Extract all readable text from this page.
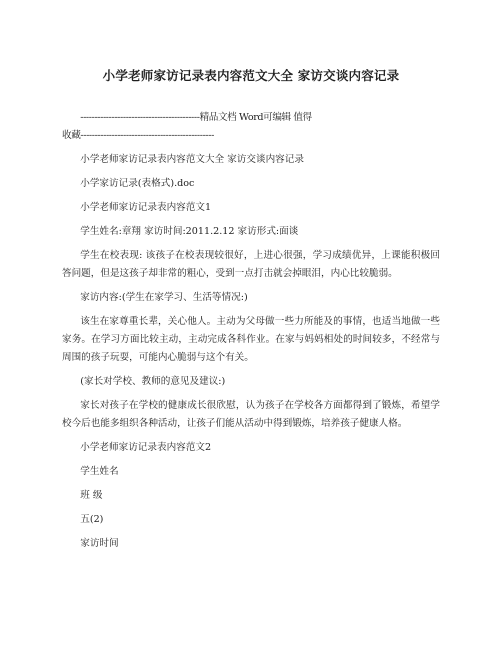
小学老师家访记录表内容范文大全 家访交谈内容记录
------------------------------------------精品文档 Word可编辑 值得
收藏-----------------------------------------------
小学老师家访记录表内容范文大全 家访交谈内容记录
小学家访记录(表格式).doc
小学老师家访记录表内容范文1
学生姓名:章翔 家访时间:2011.2.12 家访形式:面谈
学生在校表现: 该孩子在校表现较很好，上进心很强，学习成绩优异，上课能积极回答问题，但是这孩子却非常的粗心，受到一点打击就会掉眼泪，内心比较脆弱。
家访内容:(学生在家学习、生活等情况:)
该生在家尊重长辈，关心他人。主动为父母做一些力所能及的事情，也适当地做一些家务。在学习方面比较主动，主动完成各科作业。在家与妈妈相处的时间较多，不经常与周围的孩子玩耍，可能内心脆弱与这个有关。
(家长对学校、教师的意见及建议:)
家长对孩子在学校的健康成长很欣慰，认为孩子在学校各方面都得到了锻炼，希望学校今后也能多组织各种活动，让孩子们能从活动中得到锻炼，培养孩子健康人格。
小学老师家访记录表内容范文2
学生姓名
班 级
五(2)
家访时间
